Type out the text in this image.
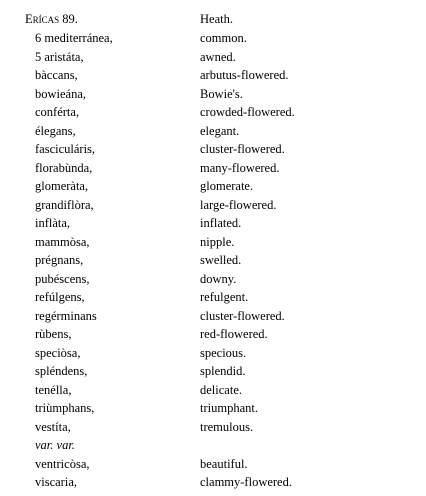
Erícas 89.	Heath.
6 mediterránea,	common.
5 aristáta,	awned.
bàccans,	arbutus-flowered.
bowieána,	Bowie's.
conférta,	crowded-flowered.
élegans,	elegant.
fasciculáris,	cluster-flowered.
florabùnda,	many-flowered.
glomeràta,	glomerate.
grandiflòra,	large-flowered.
inflàta,	inflated.
mammòsa,	nipple.
prégnans,	swelled.
pubéscens,	downy.
refúlgens,	refulgent.
regérminans	cluster-flowered.
rùbens,	red-flowered.
speciòsa,	specious.
spléndens,	splendid.
tenélla,	delicate.
triùmphans,	triumphant.
vestíta,	tremulous.
var. var.
ventricòsa,	beautiful.
viscaria,	clammy-flowered.
